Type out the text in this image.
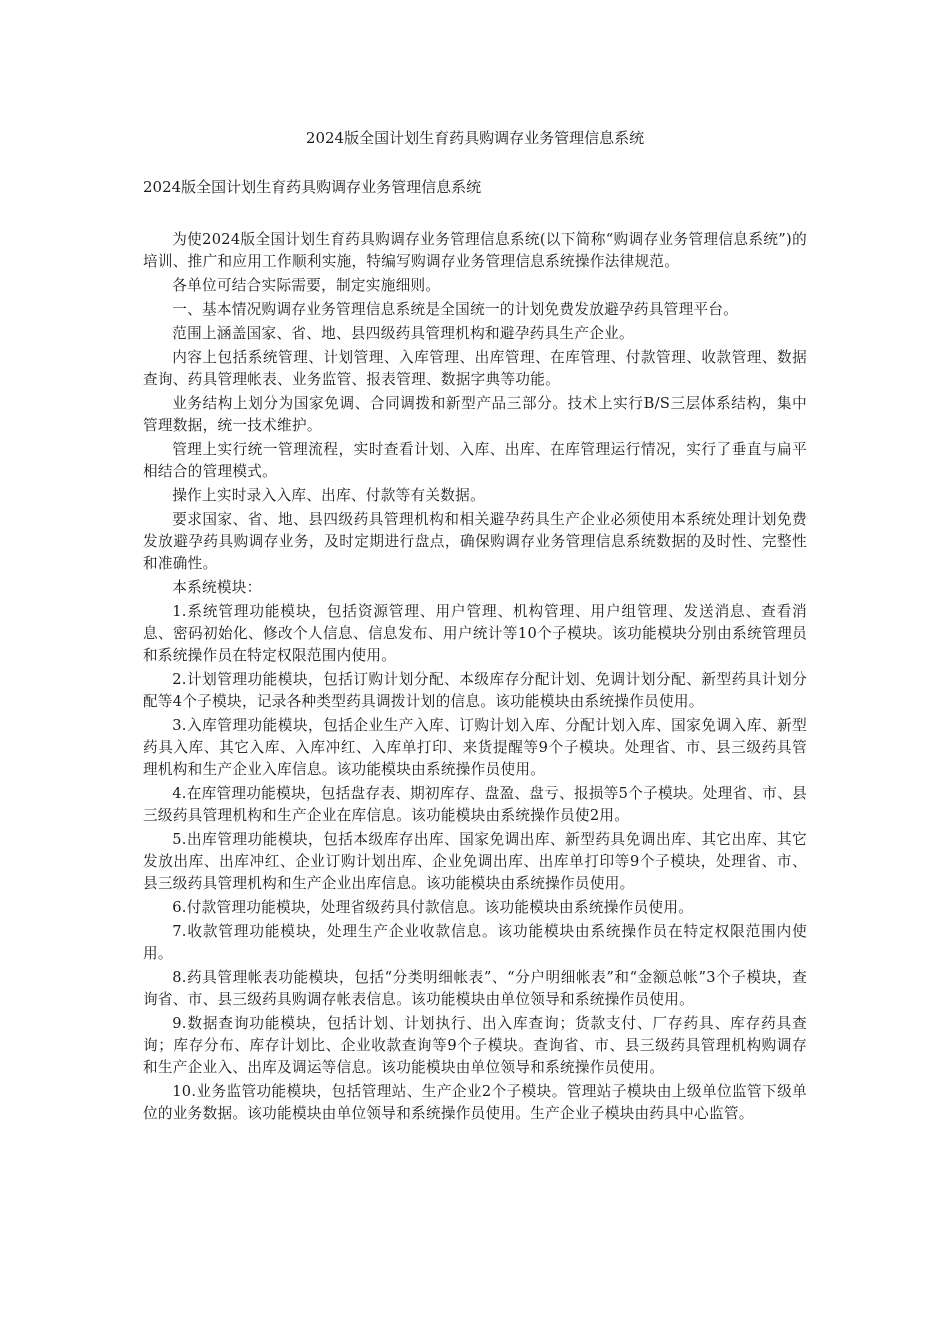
2024版全国计划生育药具购调存业务管理信息系统
2024版全国计划生育药具购调存业务管理信息系统

为使2024版全国计划生育药具购调存业务管理信息系统(以下简称“购调存业务管理信息系统”)的培训、推广和应用工作顺利实施，特编写购调存业务管理信息系统操作法律规范。

各单位可结合实际需要，制定实施细则。

一、基本情况购调存业务管理信息系统是全国统一的计划免费发放避孕药具管理平台。

范围上涵盖国家、省、地、县四级药具管理机构和避孕药具生产企业。

内容上包括系统管理、计划管理、入库管理、出库管理、在库管理、付款管理、收款管理、数据查询、药具管理帐表、业务监管、报表管理、数据字典等功能。

业务结构上划分为国家免调、合同调拨和新型产品三部分。技术上实行B/S三层体系结构，集中管理数据，统一技术维护。

管理上实行统一管理流程，实时查看计划、入库、出库、在库管理运行情况，实行了垂直与扁平相结合的管理模式。

操作上实时录入入库、出库、付款等有关数据。

要求国家、省、地、县四级药具管理机构和相关避孕药具生产企业必须使用本系统处理计划免费发放避孕药具购调存业务，及时定期进行盘点，确保购调存业务管理信息系统数据的及时性、完整性和准确性。

本系统模块：

1.系统管理功能模块，包括资源管理、用户管理、机构管理、用户组管理、发送消息、查看消息、密码初始化、修改个人信息、信息发布、用户统计等10个子模块。该功能模块分别由系统管理员和系统操作员在特定权限范围内使用。

2.计划管理功能模块，包括订购计划分配、本级库存分配计划、免调计划分配、新型药具计划分配等4个子模块，记录各种类型药具调拨计划的信息。该功能模块由系统操作员使用。

3.入库管理功能模块，包括企业生产入库、订购计划入库、分配计划入库、国家免调入库、新型药具入库、其它入库、入库冲红、入库单打印、来货提醒等9个子模块。处理省、市、县三级药具管理机构和生产企业入库信息。该功能模块由系统操作员使用。

4.在库管理功能模块，包括盘存表、期初库存、盘盈、盘亏、报损等5个子模块。处理省、市、县三级药具管理机构和生产企业在库信息。该功能模块由系统操作员使2用。

5.出库管理功能模块，包括本级库存出库、国家免调出库、新型药具免调出库、其它出库、其它发放出库、出库冲红、企业订购计划出库、企业免调出库、出库单打印等9个子模块，处理省、市、县三级药具管理机构和生产企业出库信息。该功能模块由系统操作员使用。

6.付款管理功能模块，处理省级药具付款信息。该功能模块由系统操作员使用。

7.收款管理功能模块，处理生产企业收款信息。该功能模块由系统操作员在特定权限范围内使用。

8.药具管理帐表功能模块，包括“分类明细帐表”、“分户明细帐表”和“金额总帐”3个子模块，查询省、市、县三级药具购调存帐表信息。该功能模块由单位领导和系统操作员使用。

9.数据查询功能模块，包括计划、计划执行、出入库查询；货款支付、厂存药具、库存药具查询；库存分布、库存计划比、企业收款查询等9个子模块。查询省、市、县三级药具管理机构购调存和生产企业入、出库及调运等信息。该功能模块由单位领导和系统操作员使用。

10.业务监管功能模块，包括管理站、生产企业2个子模块。管理站子模块由上级单位监管下级单位的业务数据。该功能模块由单位领导和系统操作员使用。生产企业子模块由药具中心监管。
